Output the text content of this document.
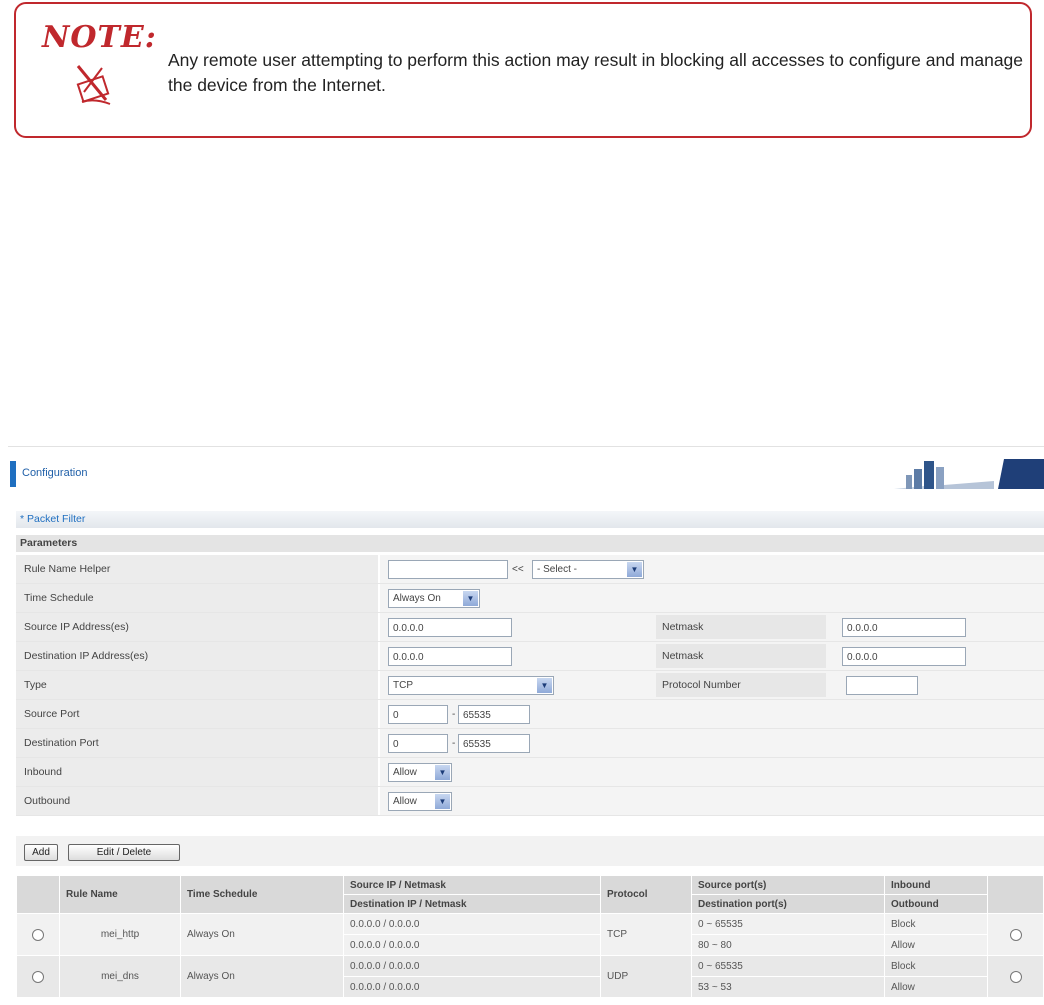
NOTE:
Any remote user attempting to perform this action may result in blocking all accesses to configure and manage the device from the Internet.
Configuration
* Packet Filter
Parameters
Rule Name Helper	<<	- Select -	▼
Time Schedule	Always On	▼
Source IP Address(es)	0.0.0.0	Netmask	0.0.0.0
Destination IP Address(es)	0.0.0.0	Netmask	0.0.0.0
Type	TCP	▼	Protocol Number
Source Port	0	- 65535
Destination Port	0	- 65535
Inbound	Allow	▼
Outbound	Allow	▼
Add	Edit / Delete
	Rule Name	Time Schedule	Source IP / Netmask	Protocol	Source port(s)	Inbound	
			Destination IP / Netmask		Destination port(s)	Outbound	
	mei_http	Always On	0.0.0.0 / 0.0.0.0	TCP	0 ~ 65535	Block	
			0.0.0.0 / 0.0.0.0		80 ~ 80	Allow	
	mei_dns	Always On	0.0.0.0 / 0.0.0.0	UDP	0 ~ 65535	Block	
			0.0.0.0 / 0.0.0.0		53 ~ 53	Allow	
